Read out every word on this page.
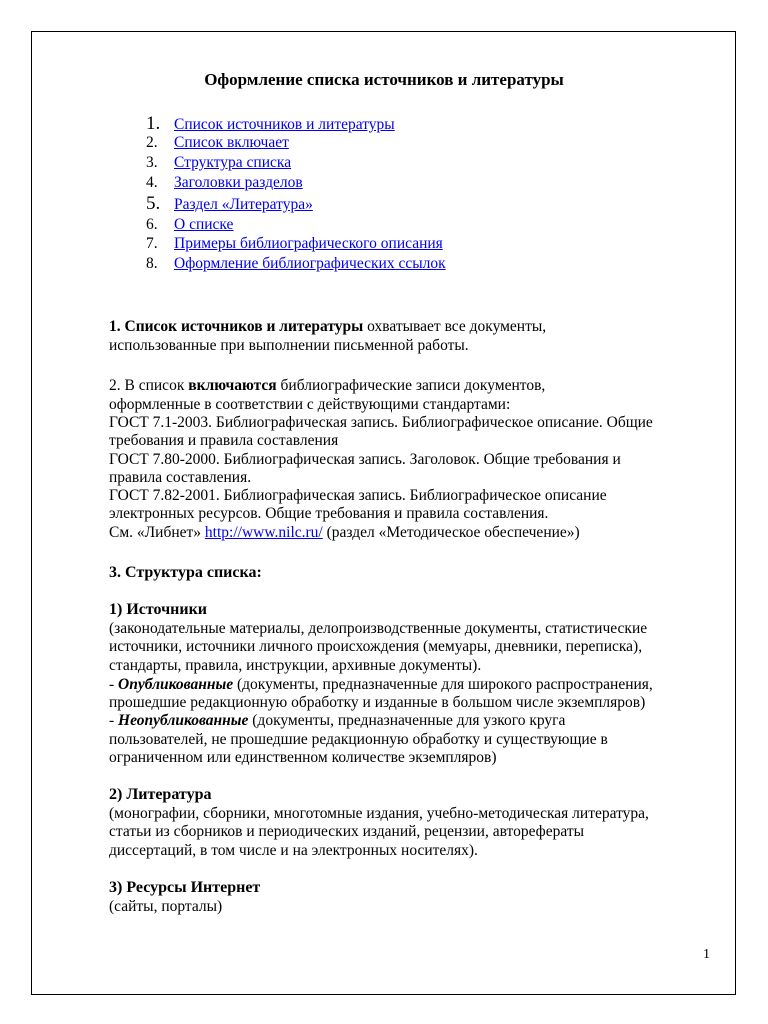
Оформление списка источников и литературы
1. Список источников и литературы
2. Список включает
3. Структура списка
4. Заголовки разделов
5. Раздел «Литература»
6. О списке
7. Примеры библиографического описания
8. Оформление библиографических ссылок
1. Список источников и литературы охватывает все документы,
использованные при выполнении письменной работы.
2. В список включаются библиографические записи документов,
оформленные в соответствии с действующими стандартами:
ГОСТ 7.1-2003. Библиографическая запись. Библиографическое описание. Общие
требования и правила составления
ГОСТ 7.80-2000. Библиографическая запись. Заголовок. Общие требования и
правила составления.
ГОСТ 7.82-2001. Библиографическая запись. Библиографическое описание
электронных ресурсов. Общие требования и правила составления.
См. «Либнет» http://www.nilc.ru/ (раздел «Методическое обеспечение»)
3. Структура списка:
1) Источники
(законодательные материалы, делопроизводственные документы, статистические
источники, источники личного происхождения (мемуары, дневники, переписка),
стандарты, правила, инструкции, архивные документы).
- Опубликованные (документы, предназначенные для широкого распространения,
прошедшие редакционную обработку и изданные в большом числе экземпляров)
- Неопубликованные (документы, предназначенные для узкого круга
пользователей, не прошедшие редакционную обработку и существующие в
ограниченном или единственном количестве экземпляров)
2) Литература
(монографии, сборники, многотомные издания, учебно-методическая литература,
статьи из сборников и периодических изданий, рецензии, авторефераты
диссертаций, в том числе и на электронных носителях).
3) Ресурсы Интернет
(сайты, порталы)
1
